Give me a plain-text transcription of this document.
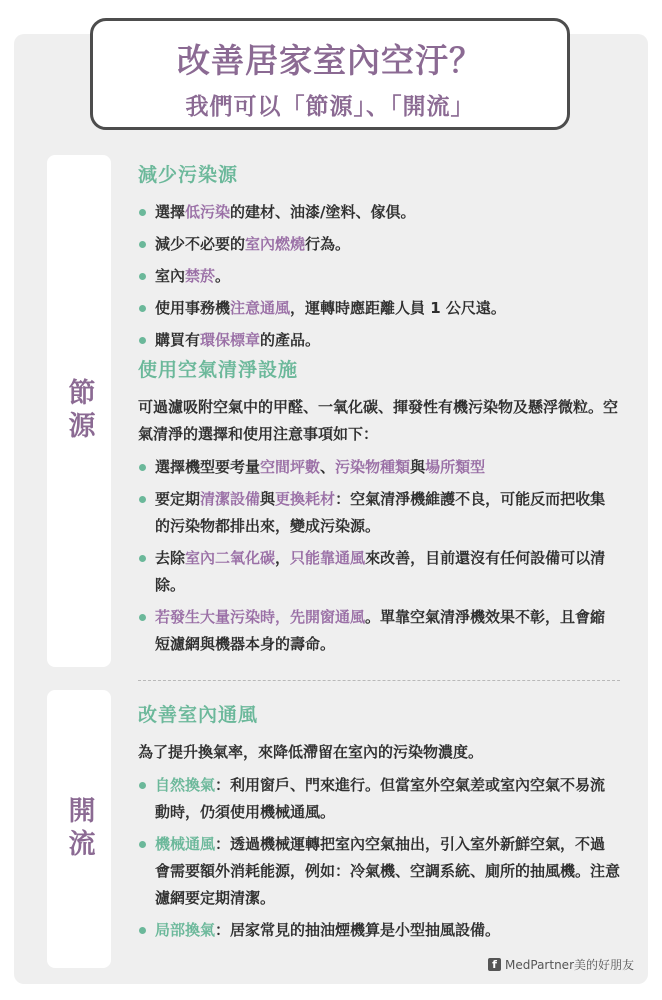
改善居家室內空汙？
我們可以「節源」、「開流」
節源
開流
減少污染源
選擇低污染的建材、油漆/塗料、傢俱。
減少不必要的室內燃燒行為。
室內禁菸。
使用事務機注意通風，運轉時應距離人員 1 公尺遠。
購買有環保標章的產品。
使用空氣清淨設施
可過濾吸附空氣中的甲醛、一氧化碳、揮發性有機污染物及懸浮微粒。空氣清淨的選擇和使用注意事項如下：
選擇機型要考量空間坪數、污染物種類與場所類型
要定期清潔設備與更換耗材：空氣清淨機維護不良，可能反而把收集的污染物都排出來，變成污染源。
去除室內二氧化碳，只能靠通風來改善，目前還沒有任何設備可以清除。
若發生大量污染時，先開窗通風。單靠空氣清淨機效果不彰，且會縮短濾網與機器本身的壽命。
改善室內通風
為了提升換氣率，來降低滯留在室內的污染物濃度。
自然換氣：利用窗戶、門來進行。但當室外空氣差或室內空氣不易流動時，仍須使用機械通風。
機械通風：透過機械運轉把室內空氣抽出，引入室外新鮮空氣，不過會需要額外消耗能源，例如：冷氣機、空調系統、廁所的抽風機。注意濾網要定期清潔。
局部換氣：居家常見的抽油煙機算是小型抽風設備。
f MedPartner美的好朋友
